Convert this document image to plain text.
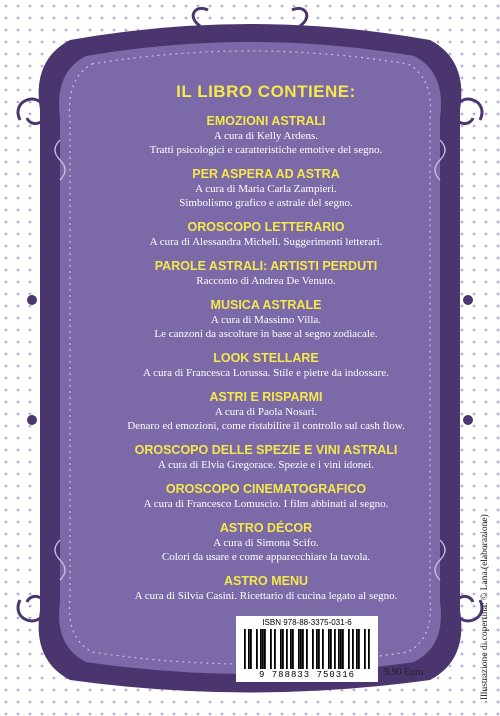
IL LIBRO CONTIENE:
EMOZIONI ASTRALI
A cura di Kelly Ardens.
Tratti psicologici e caratteristiche emotive del segno.
PER ASPERA AD ASTRA
A cura di Maria Carla Zampieri.
Simbolismo grafico e astrale del segno.
OROSCOPO LETTERARIO
A cura di Alessandra Micheli. Suggerimenti letterari.
PAROLE ASTRALI: ARTISTI PERDUTI
Racconto di Andrea De Venuto.
MUSICA ASTRALE
A cura di Massimo Villa.
Le canzoni da ascoltare in base al segno zodiacale.
LOOK STELLARE
A cura di Francesca Lorussa. Stile e pietre da indossare.
ASTRI E RISPARMI
A cura di Paola Nosari.
Denaro ed emozioni, come ristabilire il controllo sul cash flow.
OROSCOPO DELLE SPEZIE E VINI ASTRALI
A cura di Elvia Gregorace. Spezie e i vini idonei.
OROSCOPO CINEMATOGRAFICO
A cura di Francesco Lomuscio. I film abbinati al segno.
ASTRO DÉCOR
A cura di Simona Scifo.
Colori da usare e come apparecchiare la tavola.
ASTRO MENU
A cura di Silvia Casini. Ricettario di cucina legato al segno.
ISBN 978-88-3375-031-6
9 788833 750316	9,90 Euro	Illustrazione di copertina: © Lana (elaborazione)
